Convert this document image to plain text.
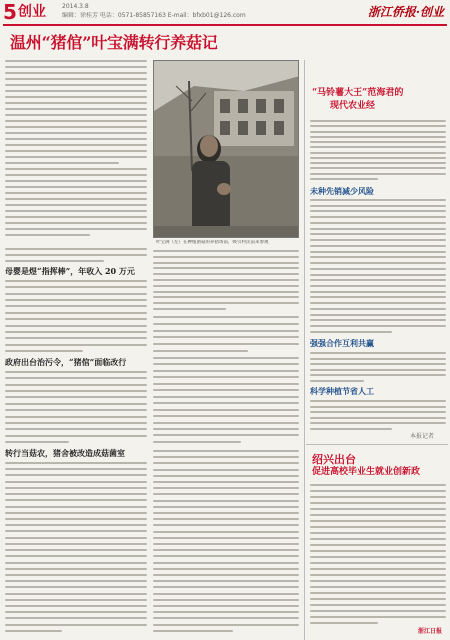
5 创业	2014.3.8
编辑：徐桂芳 电话：0571-85857163 E-mail：bfxb01@126.com	浙江侨报·创业
温州“猪倌”叶宝满转行养菇记
叶宝满（左）在种植菌菇的养猪场前，吸引村民前来参观
母婴是煜“指挥棒”，年收入 20 万元
政府出台治污令，“猪倌”面临改行
转行当菇农，猪舍被改造成菇菌室
“马铃薯大王”范海君的
现代农业经
未种先销减少风险
强强合作互利共赢
科学种植节省人工
本报记者
绍兴出台
促进高校毕业生就业创新政
浙江日报
